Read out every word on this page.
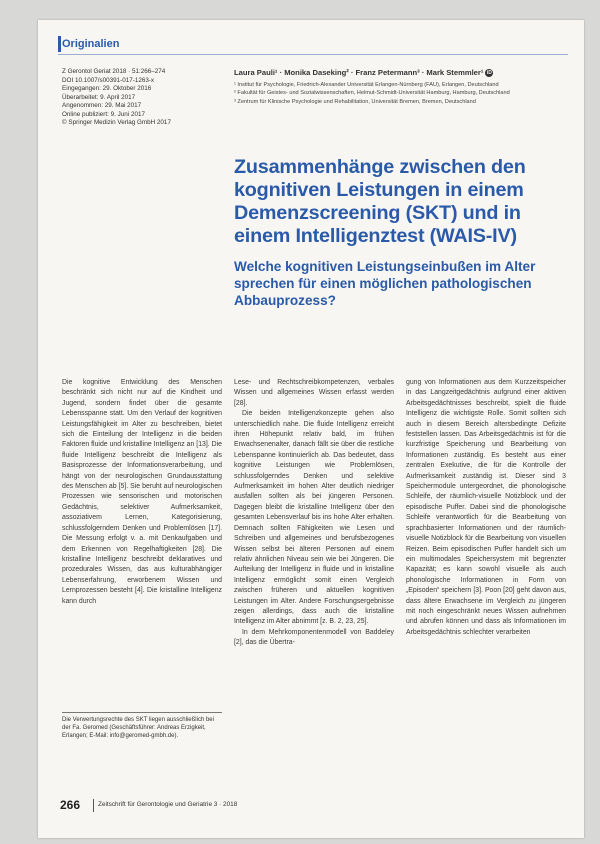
Originalien
Z Gerontol Geriat 2018 · 51:266–274
DOI 10.1007/s00391-017-1263-x
Eingegangen: 29. Oktober 2016
Überarbeitet: 9. April 2017
Angenommen: 29. Mai 2017
Online publiziert: 9. Juni 2017
© Springer Medizin Verlag GmbH 2017
Laura Pauli¹ · Monika Daseking² · Franz Petermann³ · Mark Stemmler¹ iD
¹ Institut für Psychologie, Friedrich-Alexander Universität Erlangen-Nürnberg (FAU), Erlangen, Deutschland
² Fakultät für Geistes- und Sozialwissenschaften, Helmut-Schmidt-Universität Hamburg, Hamburg, Deutschland
³ Zentrum für Klinische Psychologie und Rehabilitation, Universität Bremen, Bremen, Deutschland
Zusammenhänge zwischen den kognitiven Leistungen in einem Demenzscreening (SKT) und in einem Intelligenztest (WAIS-IV)
Welche kognitiven Leistungseinbußen im Alter sprechen für einen möglichen pathologischen Abbauprozess?

Die kognitive Entwicklung des Menschen beschränkt sich nicht nur auf die Kindheit und Jugend, sondern findet über die gesamte Lebensspanne statt. Um den Verlauf der kognitiven Leistungsfähigkeit im Alter zu beschreiben, bietet sich die Einteilung der Intelligenz in die beiden Faktoren fluide und kristalline Intelligenz an [13]. Die fluide Intelligenz beschreibt die Intelligenz als Basisprozesse der Informationsverarbeitung, und hängt von der neurologischen Grundausstattung des Menschen ab [5]. Sie beruht auf neurologischen Prozessen wie sensorischen und motorischen Gedächtnis, selektiver Aufmerksamkeit, assoziativem Lernen, Kategorisierung, schlussfolgerndem Denken und Problemlösen [17]. Die Messung erfolgt v. a. mit Denkaufgaben und dem Erkennen von Regelhaftigkeiten [28]. Die kristalline Intelligenz beschreibt deklaratives und prozedurales Wissen, das aus kulturabhängiger Lebenserfahrung, erworbenem Wissen und Lernprozessen besteht [4]. Die kristalline Intelligenz kann durch

Lese- und Rechtschreibkompetenzen, verbales Wissen und allgemeines Wissen erfasst werden [28].

Die beiden Intelligenzkonzepte gehen also unterschiedlich nahe. Die fluide Intelligenz erreicht ihren Höhepunkt relativ bald, im frühen Erwachsenenalter, danach fällt sie über die restliche Lebenspanne kontinuierlich ab. Das bedeutet, dass kognitive Leistungen wie Problemlösen, schlussfolgerndes Denken und selektive Aufmerksamkeit im hohen Alter deutlich niedriger ausfallen sollten als bei jüngeren Personen. Dagegen bleibt die kristalline Intelligenz über den gesamten Lebensverlauf bis ins hohe Alter erhalten. Demnach sollten Fähigkeiten wie Lesen und Schreiben und allgemeines und berufsbezogenes Wissen selbst bei älteren Personen auf einem relativ ähnlichen Niveau sein wie bei Jüngeren. Die Aufteilung der Intelligenz in fluide und in kristalline Intelligenz ermöglicht somit einen Vergleich zwischen früheren und aktuellen kognitiven Leistungen im Alter. Andere Forschungsergebnisse zeigen allerdings, dass auch die kristalline Intelligenz im Alter abnimmt [z. B. 2, 23, 25].

In dem Mehrkomponentenmodell von Baddeley [2], das die Übertra-

gung von Informationen aus dem Kurzzeitspeicher in das Langzeitgedächtnis aufgrund einer aktiven Arbeitsgedächtnisses beschreibt, spielt die fluide Intelligenz die wichtigste Rolle. Somit sollten sich auch in diesem Bereich altersbedingte Defizite feststellen lassen. Das Arbeitsgedächtnis ist für die kurzfristige Speicherung und Bearbeitung von Informationen zuständig. Es besteht aus einer zentralen Exekutive, die für die Kontrolle der Aufmerksamkeit zuständig ist. Dieser sind 3 Speichermodule untergeordnet, die phonologische Schleife, der räumlich-visuelle Notizblock und der episodische Puffer. Dabei sind die phonologische Schleife verantwortlich für die Bearbeitung von sprachbasierter Informationen und der räumlich-visuelle Notizblock für die Bearbeitung von visuellen Reizen. Beim episodischen Puffer handelt sich um ein multimodales Speichersystem mit begrenzter Kapazität; es kann sowohl visuelle als auch phonologische Informationen in Form von „Episoden“ speichern [3]. Poon [20] geht davon aus, dass ältere Erwachsene im Vergleich zu jüngeren mit noch eingeschränkt neues Wissen aufnehmen und abrufen können und dass als Informationen im Arbeitsgedächtnis schlechter verarbeiten

Die Verwertungsrechte des SKT liegen ausschließlich bei der Fa. Geromed (Geschäftsführer: Andreas Erzigkeit, Erlangen; E-Mail: info@geromed-gmbh.de).
266	Zeitschrift für Gerontologie und Geriatrie 3 · 2018
